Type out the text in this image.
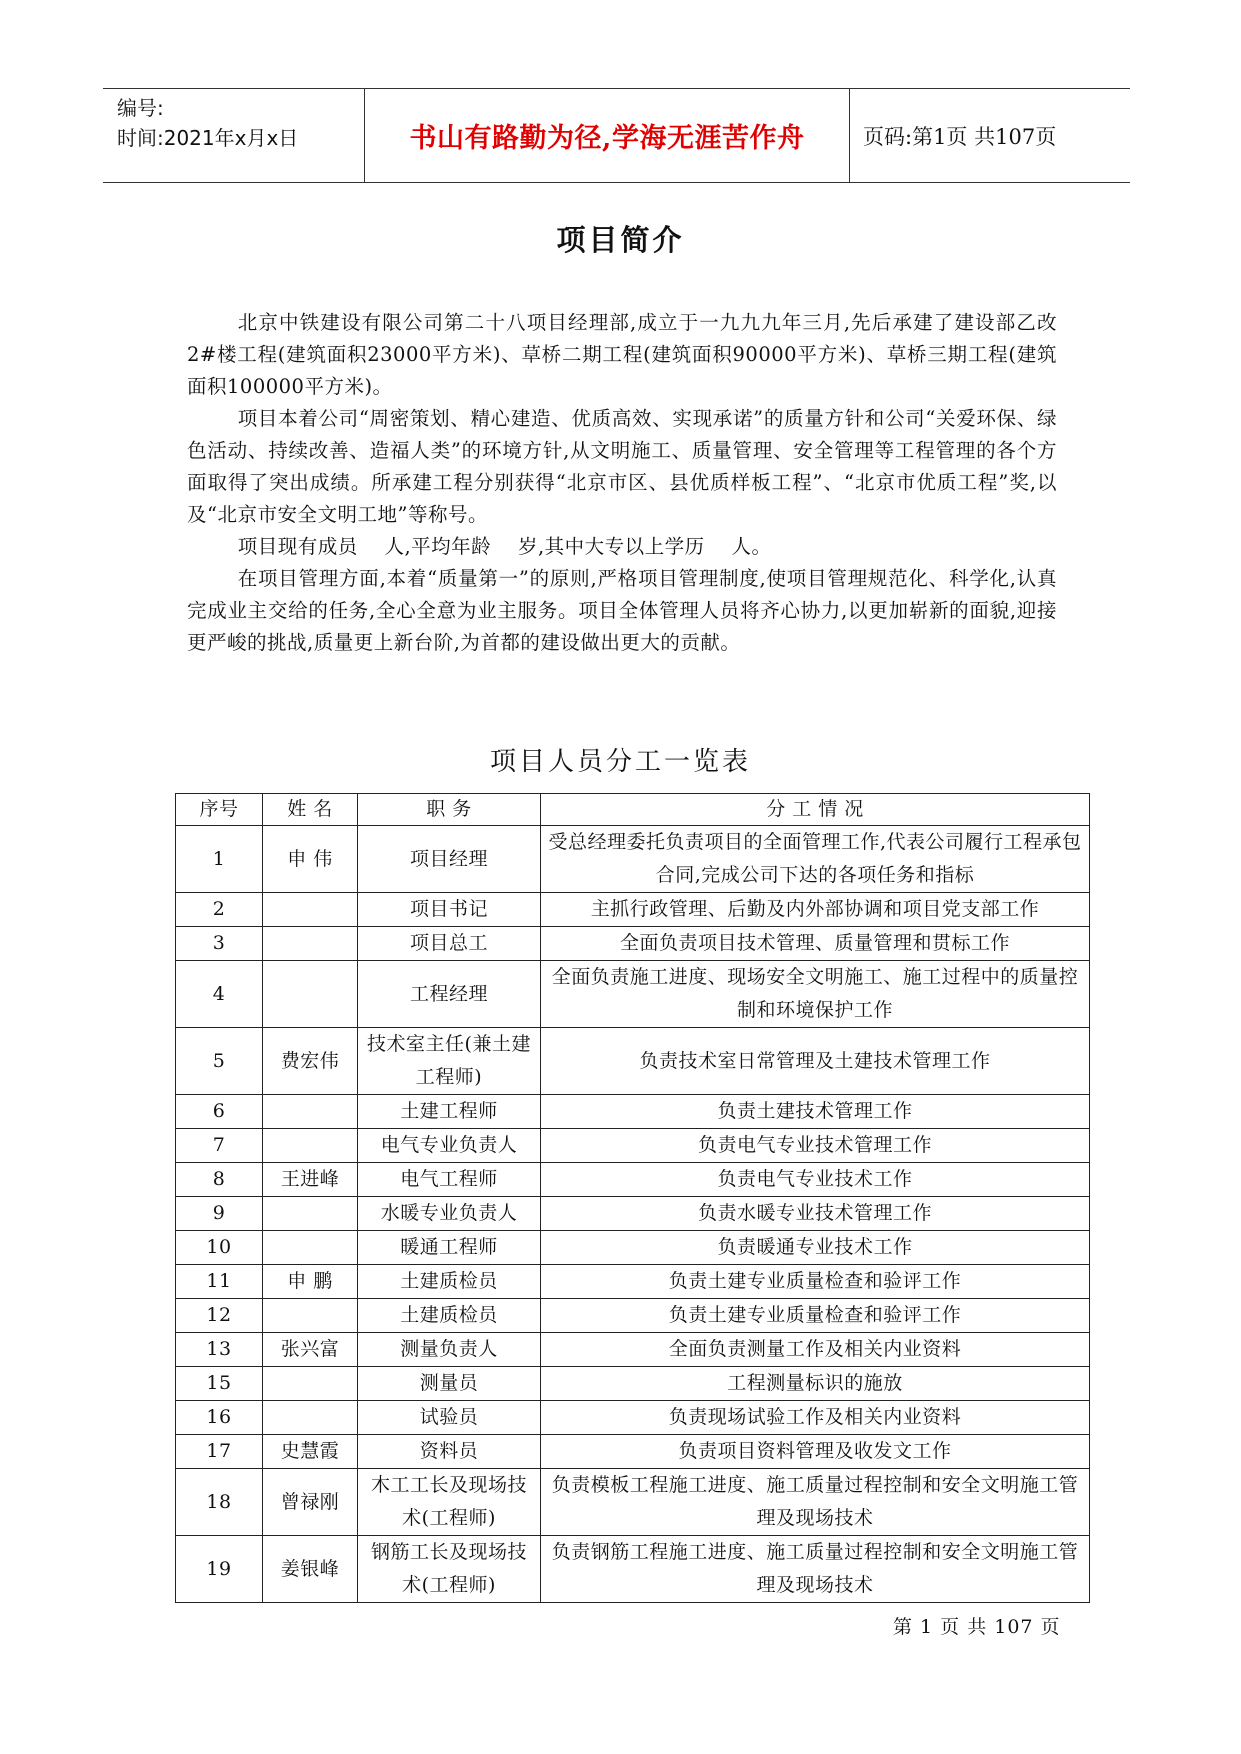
编号:
时间:2021年x月x日	书山有路勤为径,学海无涯苦作舟	页码:第1页 共107页
项目简介

北京中铁建设有限公司第二十八项目经理部,成立于一九九九年三月,先后承建了建设部乙改2#楼工程(建筑面积23000平方米)、草桥二期工程(建筑面积90000平方米)、草桥三期工程(建筑面积100000平方米)。

项目本着公司“周密策划、精心建造、优质高效、实现承诺”的质量方针和公司“关爱环保、绿色活动、持续改善、造福人类”的环境方针,从文明施工、质量管理、安全管理等工程管理的各个方面取得了突出成绩。所承建工程分别获得“北京市区、县优质样板工程”、“北京市优质工程”奖,以及“北京市安全文明工地”等称号。

项目现有成员    人,平均年龄    岁,其中大专以上学历    人。

在项目管理方面,本着“质量第一”的原则,严格项目管理制度,使项目管理规范化、科学化,认真完成业主交给的任务,全心全意为业主服务。项目全体管理人员将齐心协力,以更加崭新的面貌,迎接更严峻的挑战,质量更上新台阶,为首都的建设做出更大的贡献。

项目人员分工一览表
序号	姓 名	职 务	分 工 情 况
1	申 伟	项目经理	受总经理委托负责项目的全面管理工作,代表公司履行工程承包合同,完成公司下达的各项任务和指标
2		项目书记	主抓行政管理、后勤及内外部协调和项目党支部工作
3		项目总工	全面负责项目技术管理、质量管理和贯标工作
4		工程经理	全面负责施工进度、现场安全文明施工、施工过程中的质量控制和环境保护工作
5	费宏伟	技术室主任(兼土建工程师)	负责技术室日常管理及土建技术管理工作
6		土建工程师	负责土建技术管理工作
7		电气专业负责人	负责电气专业技术管理工作
8	王进峰	电气工程师	负责电气专业技术工作
9		水暖专业负责人	负责水暖专业技术管理工作
10		暖通工程师	负责暖通专业技术工作
11	申 鹏	土建质检员	负责土建专业质量检查和验评工作
12		土建质检员	负责土建专业质量检查和验评工作
13	张兴富	测量负责人	全面负责测量工作及相关内业资料
15		测量员	工程测量标识的施放
16		试验员	负责现场试验工作及相关内业资料
17	史慧霞	资料员	负责项目资料管理及收发文工作
18	曾禄刚	木工工长及现场技术(工程师)	负责模板工程施工进度、施工质量过程控制和安全文明施工管理及现场技术
19	姜银峰	钢筋工长及现场技术(工程师)	负责钢筋工程施工进度、施工质量过程控制和安全文明施工管理及现场技术
第 1 页 共 107 页
